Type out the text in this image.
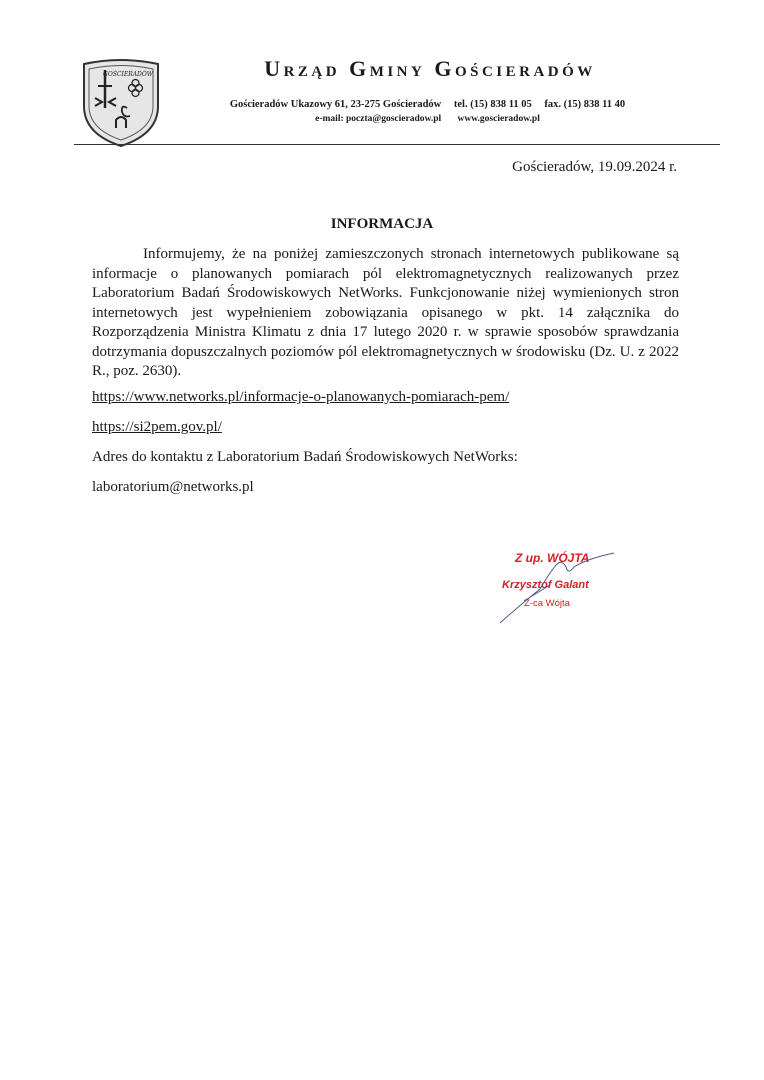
GOŚCIERADÓW	Urząd Gminy Gościeradów
Gościeradów Ukazowy 61, 23-275 Gościeradów tel. (15) 838 11 05 fax. (15) 838 11 40
e-mail: poczta@goscieradow.pl www.goscieradow.pl
Gościeradów, 19.09.2024 r.
INFORMACJA

Informujemy, że na poniżej zamieszczonych stronach internetowych publikowane są informacje o planowanych pomiarach pól elektromagnetycznych realizowanych przez Laboratorium Badań Środowiskowych NetWorks. Funkcjonowanie niżej wymienionych stron internetowych jest wypełnieniem zobowiązania opisanego w pkt. 14 załącznika do Rozporządzenia Ministra Klimatu z dnia 17 lutego 2020 r. w sprawie sposobów sprawdzania dotrzymania dopuszczalnych poziomów pól elektromagnetycznych w środowisku (Dz. U. z 2022 R., poz. 2630).

https://www.networks.pl/informacje-o-planowanych-pomiarach-pem/
https://si2pem.gov.pl/
Adres do kontaktu z Laboratorium Badań Środowiskowych NetWorks:
laboratorium@networks.pl
Z up. WÓJTA
Krzysztof Galant
Z-ca Wójta
